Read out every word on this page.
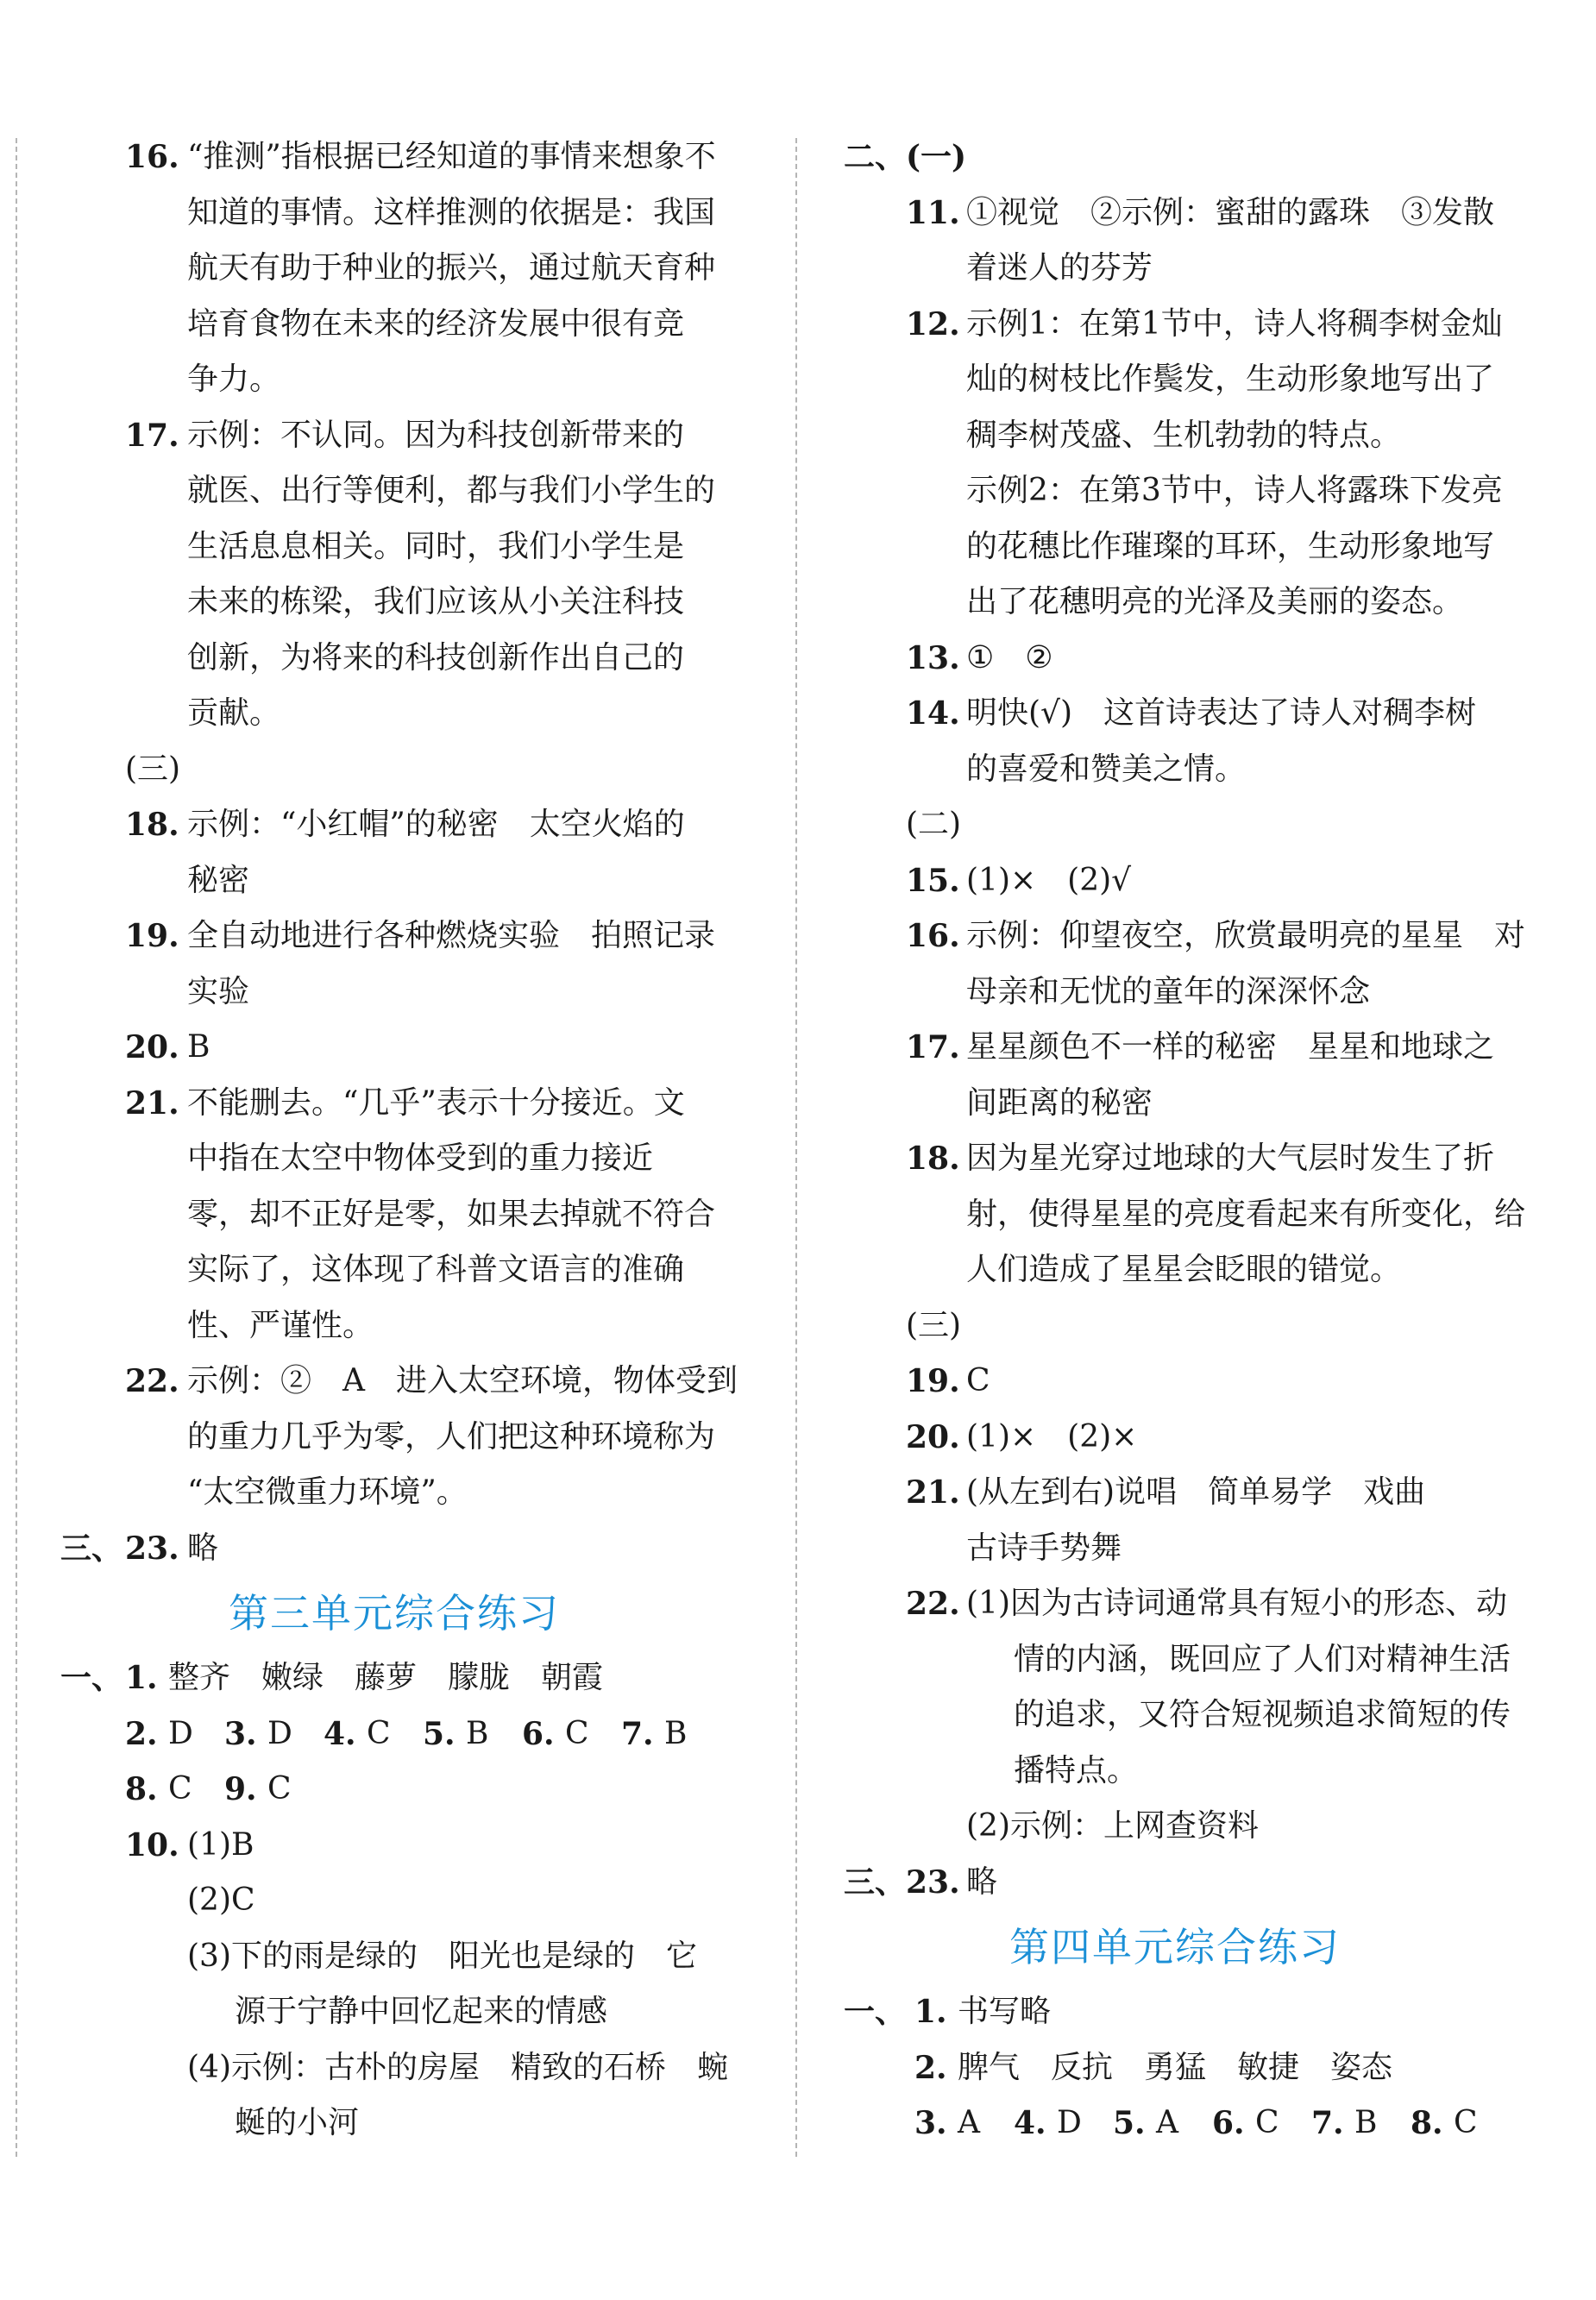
16. “推测”指根据已经知道的事情来想象不
知道的事情。这样推测的依据是：我国
航天有助于种业的振兴，通过航天育种
培育食物在未来的经济发展中很有竞
争力。
17. 示例：不认同。因为科技创新带来的
就医、出行等便利，都与我们小学生的
生活息息相关。同时，我们小学生是
未来的栋梁，我们应该从小关注科技
创新，为将来的科技创新作出自己的
贡献。
(三)
18. 示例：“小红帽”的秘密　太空火焰的
秘密
19. 全自动地进行各种燃烧实验　拍照记录
实验
20. B
21. 不能删去。“几乎”表示十分接近。文
中指在太空中物体受到的重力接近
零，却不正好是零，如果去掉就不符合
实际了，这体现了科普文语言的准确
性、严谨性。
22. 示例：②　A　进入太空环境，物体受到
的重力几乎为零，人们把这种环境称为
“太空微重力环境”。
三、 23. 略
第三单元综合练习
一、 1. 整齐　嫩绿　藤萝　朦胧　朝霞
2. D 3. D 4. C 5. B 6. C 7. B
8. C 9. C
10. (1)B
(2)C
(3)下的雨是绿的　阳光也是绿的　它
源于宁静中回忆起来的情感
(4)示例：古朴的房屋　精致的石桥　蜿
蜒的小河
二、(一)
11. ①视觉　②示例：蜜甜的露珠　③发散
着迷人的芬芳
12. 示例1：在第1节中，诗人将稠李树金灿
灿的树枝比作鬓发，生动形象地写出了
稠李树茂盛、生机勃勃的特点。
示例2：在第3节中，诗人将露珠下发亮
的花穗比作璀璨的耳环，生动形象地写
出了花穗明亮的光泽及美丽的姿态。
13. ①　②
14. 明快(√)　这首诗表达了诗人对稠李树
的喜爱和赞美之情。
(二)
15. (1)×　(2)√
16. 示例：仰望夜空，欣赏最明亮的星星　对
母亲和无忧的童年的深深怀念
17. 星星颜色不一样的秘密　星星和地球之
间距离的秘密
18. 因为星光穿过地球的大气层时发生了折
射，使得星星的亮度看起来有所变化，给
人们造成了星星会眨眼的错觉。
(三)
19. C
20. (1)×　(2)×
21. (从左到右)说唱　简单易学　戏曲
古诗手势舞
22. (1)因为古诗词通常具有短小的形态、动
情的内涵，既回应了人们对精神生活
的追求，又符合短视频追求简短的传
播特点。
(2)示例：上网查资料
三、 23. 略
第四单元综合练习
一、 1. 书写略
2. 脾气　反抗　勇猛　敏捷　姿态
3. A 4. D 5. A 6. C 7. B 8. C
